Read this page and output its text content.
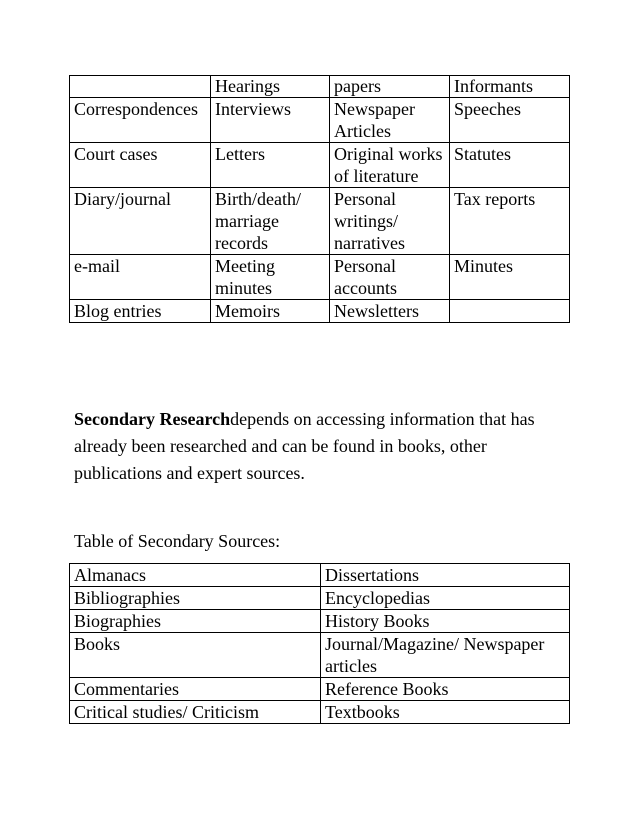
	Hearings	papers	Informants
Correspondences	Interviews	Newspaper Articles	Speeches
Court cases	Letters	Original works of literature	Statutes
Diary/journal	Birth/death/ marriage records	Personal writings/ narratives	Tax reports
e-mail	Meeting minutes	Personal accounts	Minutes
Blog entries	Memoirs	Newsletters	

Secondary Researchdepends on accessing information that has already been researched and can be found in books, other publications and expert sources.

Table of Secondary Sources:
Almanacs	Dissertations
Bibliographies	Encyclopedias
Biographies	History Books
Books	Journal/Magazine/ Newspaper articles
Commentaries	Reference Books
Critical studies/ Criticism	Textbooks
